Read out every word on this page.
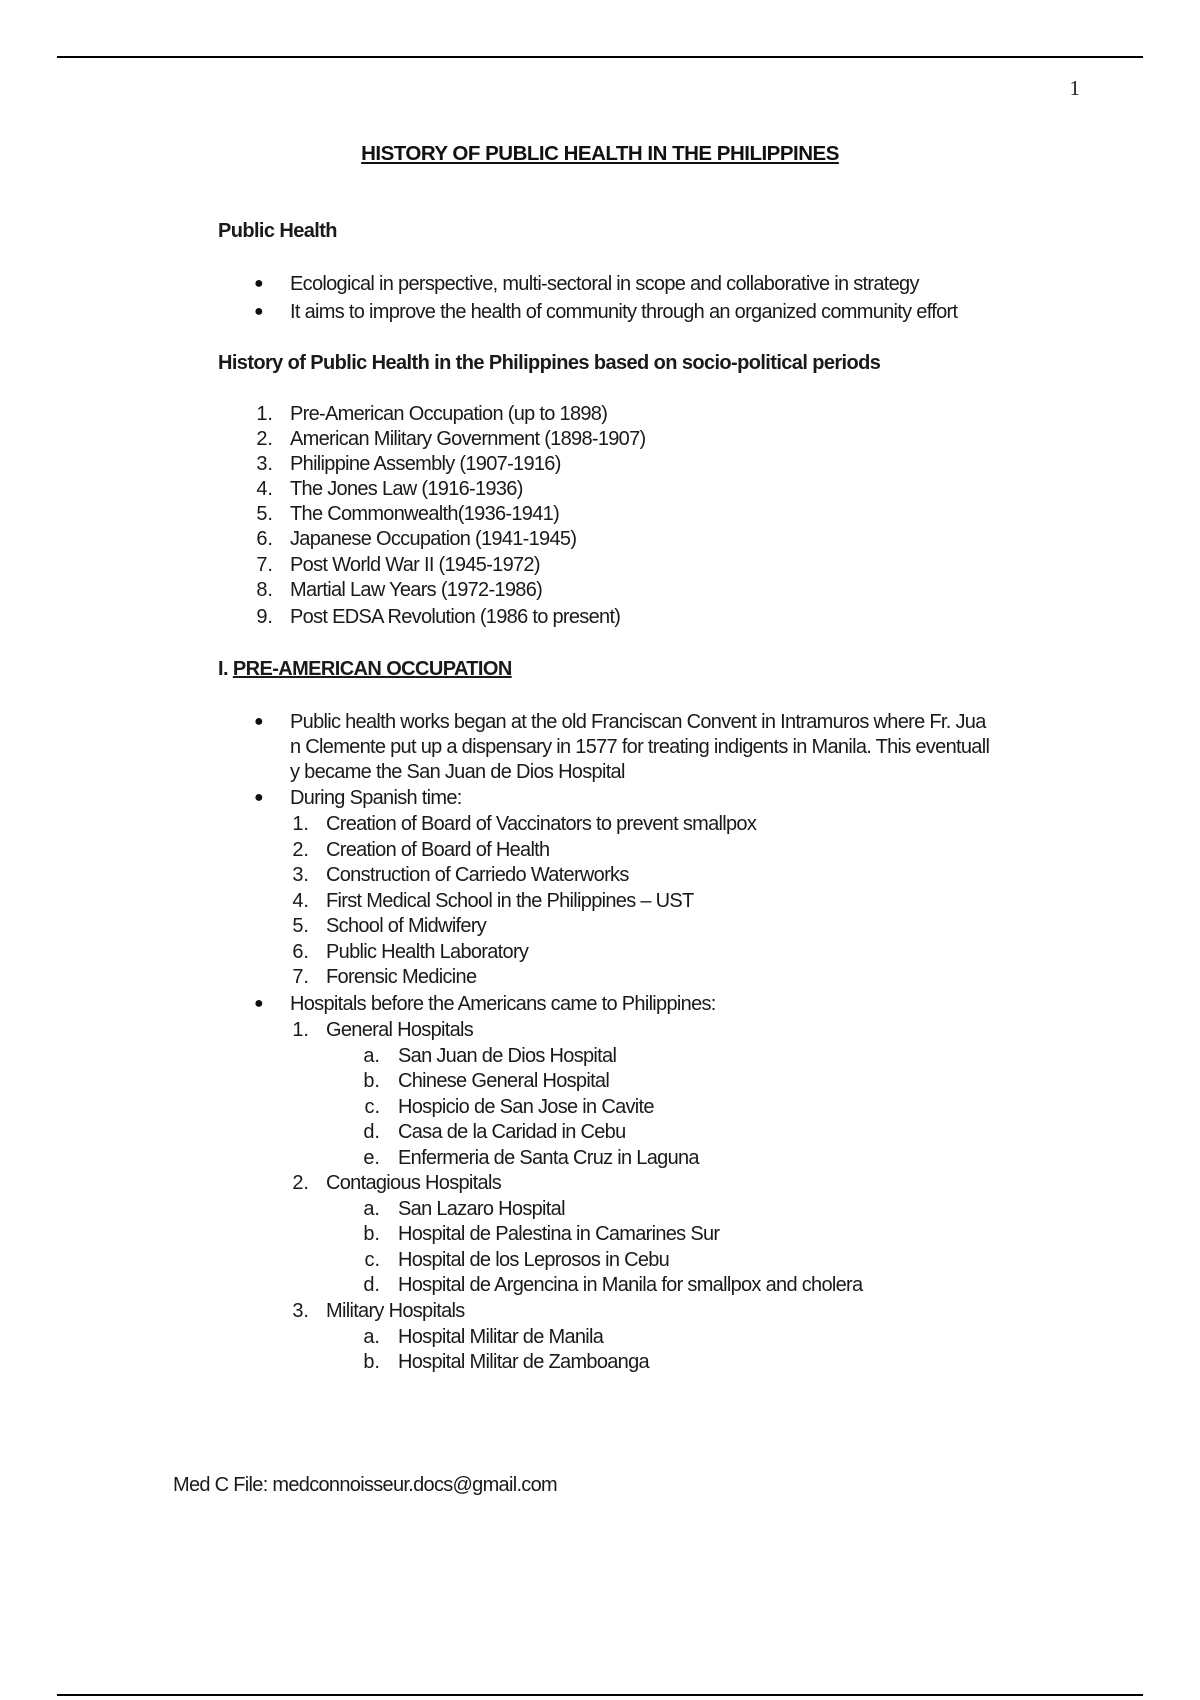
1
HISTORY OF PUBLIC HEALTH IN THE PHILIPPINES
Public Health
● Ecological in perspective, multi-sectoral in scope and collaborative in strategy
● It aims to improve the health of community through an organized community effort
History of Public Health in the Philippines based on socio-political periods
1. Pre-American Occupation (up to 1898)
2. American Military Government (1898-1907)
3. Philippine Assembly (1907-1916)
4. The Jones Law (1916-1936)
5. The Commonwealth(1936-1941)
6. Japanese Occupation (1941-1945)
7. Post World War II (1945-1972)
8. Martial Law Years (1972-1986)
9. Post EDSA Revolution (1986 to present)
I. PRE-AMERICAN OCCUPATION
● Public health works began at the old Franciscan Convent in Intramuros where Fr. Jua
n Clemente put up a dispensary in 1577 for treating indigents in Manila. This eventuall
y became the San Juan de Dios Hospital
● During Spanish time:
1. Creation of Board of Vaccinators to prevent smallpox
2. Creation of Board of Health
3. Construction of Carriedo Waterworks
4. First Medical School in the Philippines – UST
5. School of Midwifery
6. Public Health Laboratory
7. Forensic Medicine
● Hospitals before the Americans came to Philippines:
1. General Hospitals
a. San Juan de Dios Hospital
b. Chinese General Hospital
c. Hospicio de San Jose in Cavite
d. Casa de la Caridad in Cebu
e. Enfermeria de Santa Cruz in Laguna
2. Contagious Hospitals
a. San Lazaro Hospital
b. Hospital de Palestina in Camarines Sur
c. Hospital de los Leprosos in Cebu
d. Hospital de Argencina in Manila for smallpox and cholera
3. Military Hospitals
a. Hospital Militar de Manila
b. Hospital Militar de Zamboanga
Med C File: medconnoisseur.docs@gmail.com
